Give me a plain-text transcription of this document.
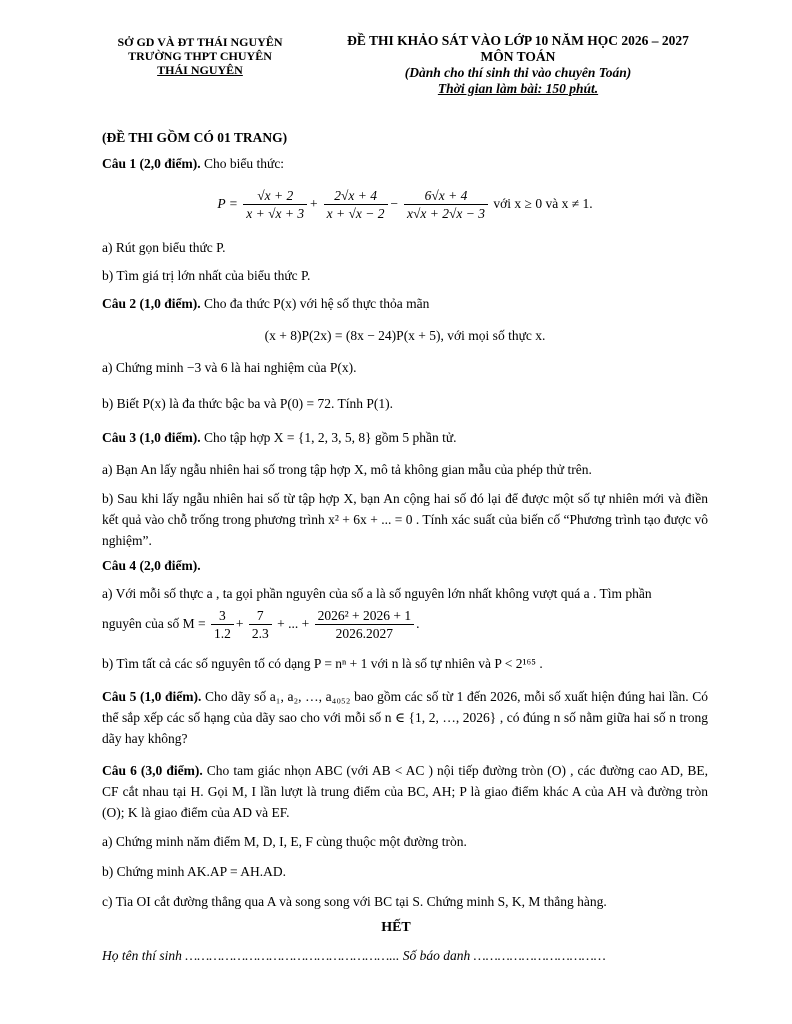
SỞ GD VÀ ĐT THÁI NGUYÊN
TRƯỜNG THPT CHUYÊN
THÁI NGUYÊN
ĐỀ THI KHẢO SÁT VÀO LỚP 10 NĂM HỌC 2026 – 2027
MÔN TOÁN
(Dành cho thí sinh thi vào chuyên Toán)
Thời gian làm bài: 150 phút.
(ĐỀ THI GỒM CÓ 01 TRANG)
Câu 1 (2,0 điểm). Cho biểu thức:
$P = \frac{√x + 2}{x + √x + 3} + \frac{2√x + 4}{x + √x - 2} - \frac{6√x + 4}{x√x + 2√x - 3}$ với x ≥ 0 và x ≠ 1.
a) Rút gọn biểu thức P.
b) Tìm giá trị lớn nhất của biểu thức P.
Câu 2 (1,0 điểm). Cho đa thức P(x) với hệ số thực thỏa mãn
(x + 8)P(2x) = (8x − 24)P(x + 5), với mọi số thực x.
a) Chứng minh −3 và 6 là hai nghiệm của P(x).
b) Biết P(x) là đa thức bậc ba và P(0) = 72. Tính P(1).
Câu 3 (1,0 điểm). Cho tập hợp X = {1, 2, 3, 5, 8} gồm 5 phần tử.
a) Bạn An lấy ngẫu nhiên hai số trong tập hợp X, mô tả không gian mẫu của phép thử trên.
b) Sau khi lấy ngẫu nhiên hai số từ tập hợp X, bạn An cộng hai số đó lại để được một số tự nhiên mới và điền kết quả vào chỗ trống trong phương trình x² + 6x + ... = 0 . Tính xác suất của biến cố “Phương trình tạo được vô nghiệm”.
Câu 4 (2,0 điểm).
a) Với mỗi số thực a , ta gọi phần nguyên của số a là số nguyên lớn nhất không vượt quá a . Tìm phần
nguyên của số $M = \frac{3}{1.2} + \frac{7}{2.3}$ + ... + $\frac{\text{2026² + 2026 + 1}}{2026.2027}$ .
b) Tìm tất cả các số nguyên tố có dạng P = nⁿ + 1 với n là số tự nhiên và P < 2¹⁶⁵ .
Câu 5 (1,0 điểm). Cho dãy số a₁, a₂, …, a₄₀₅₂ bao gồm các số từ 1 đến 2026, mỗi số xuất hiện đúng hai lần. Có thể sắp xếp các số hạng của dãy sao cho với mỗi số n ∈ {1, 2, …, 2026} , có đúng n số nằm giữa hai số n trong dãy hay không?
Câu 6 (3,0 điểm). Cho tam giác nhọn ABC (với AB < AC ) nội tiếp đường tròn (O) , các đường cao AD, BE, CF cắt nhau tại H. Gọi M, I lần lượt là trung điểm của BC, AH; P là giao điểm khác A của AH và đường tròn (O); K là giao điểm của AD và EF.
a) Chứng minh năm điểm M, D, I, E, F cùng thuộc một đường tròn.
b) Chứng minh AK.AP = AH.AD.
c) Tia OI cắt đường thẳng qua A và song song với BC tại S. Chứng minh S, K, M thẳng hàng.
HẾT
Họ tên thí sinh ……………………………………………... Số báo danh ……………………………
